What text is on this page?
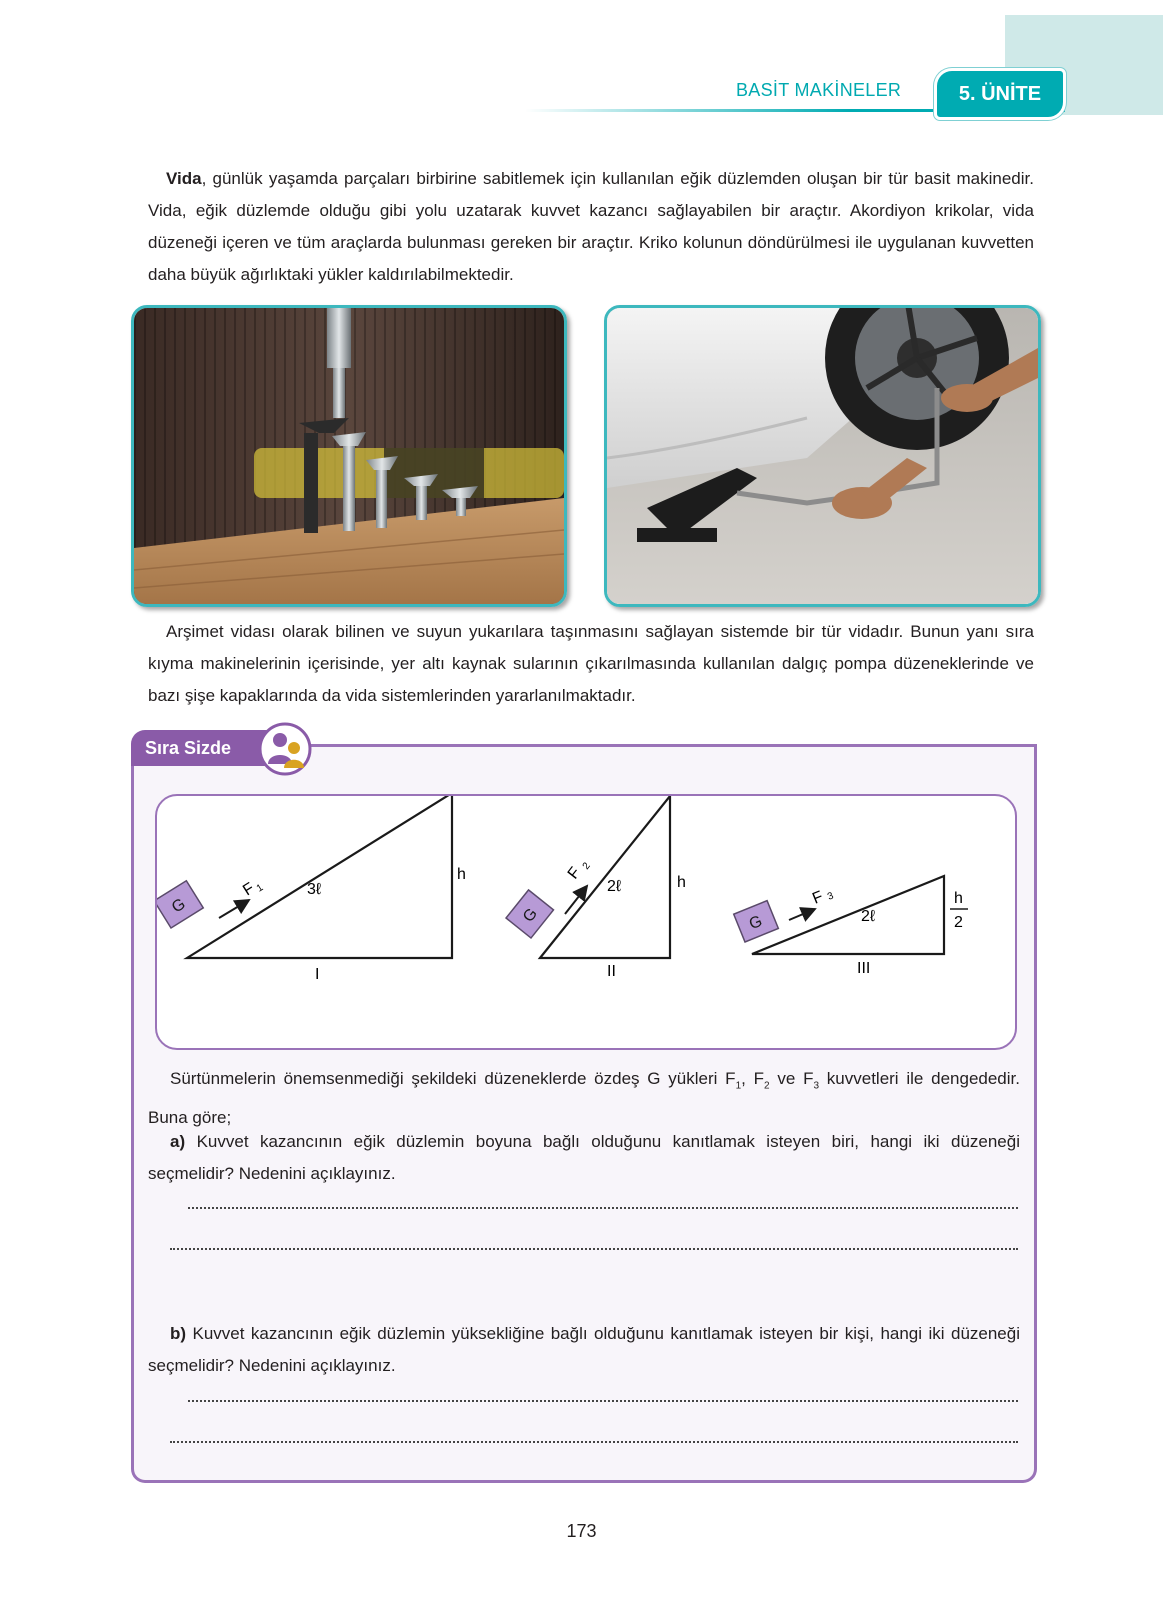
BASİT MAKİNELER	5. ÜNİTE

Vida, günlük yaşamda parçaları birbirine sabitlemek için kullanılan eğik düzlemden oluşan bir tür basit makinedir. Vida, eğik düzlemde olduğu gibi yolu uzatarak kuvvet kazancı sağlayabilen bir araçtır. Akordiyon krikolar, vida düzeneği içeren ve tüm araçlarda bulunması gereken bir araçtır. Kriko kolunun döndürülmesi ile uygulanan kuvvetten daha büyük ağırlıktaki yükler kaldırılabilmektedir.

Arşimet vidası olarak bilinen ve suyun yukarılara taşınmasını sağlayan sistemde bir tür vidadır. Bunun yanı sıra kıyma makinelerinin içerisinde, yer altı kaynak sularının çıkarılmasında kullanılan dalgıç pompa düzeneklerinde ve bazı şişe kapaklarında da vida sistemlerinden yararlanılmaktadır.

Sıra Sizde
G
F
1	3ℓ
h
I
G
F
2
2ℓ	h
II
G
F 3
2ℓ
h
2
III

Sürtünmelerin önemsenmediği şekildeki düzeneklerde özdeş G yükleri $F_1$, $F_2$ ve $F_3$ kuvvetleri ile dengededir. Buna göre;

a) Kuvvet kazancının eğik düzlemin boyuna bağlı olduğunu kanıtlamak isteyen biri, hangi iki düzeneği seçmelidir? Nedenini açıklayınız.

b) Kuvvet kazancının eğik düzlemin yüksekliğine bağlı olduğunu kanıtlamak isteyen bir kişi, hangi iki düzeneği seçmelidir? Nedenini açıklayınız.

173
